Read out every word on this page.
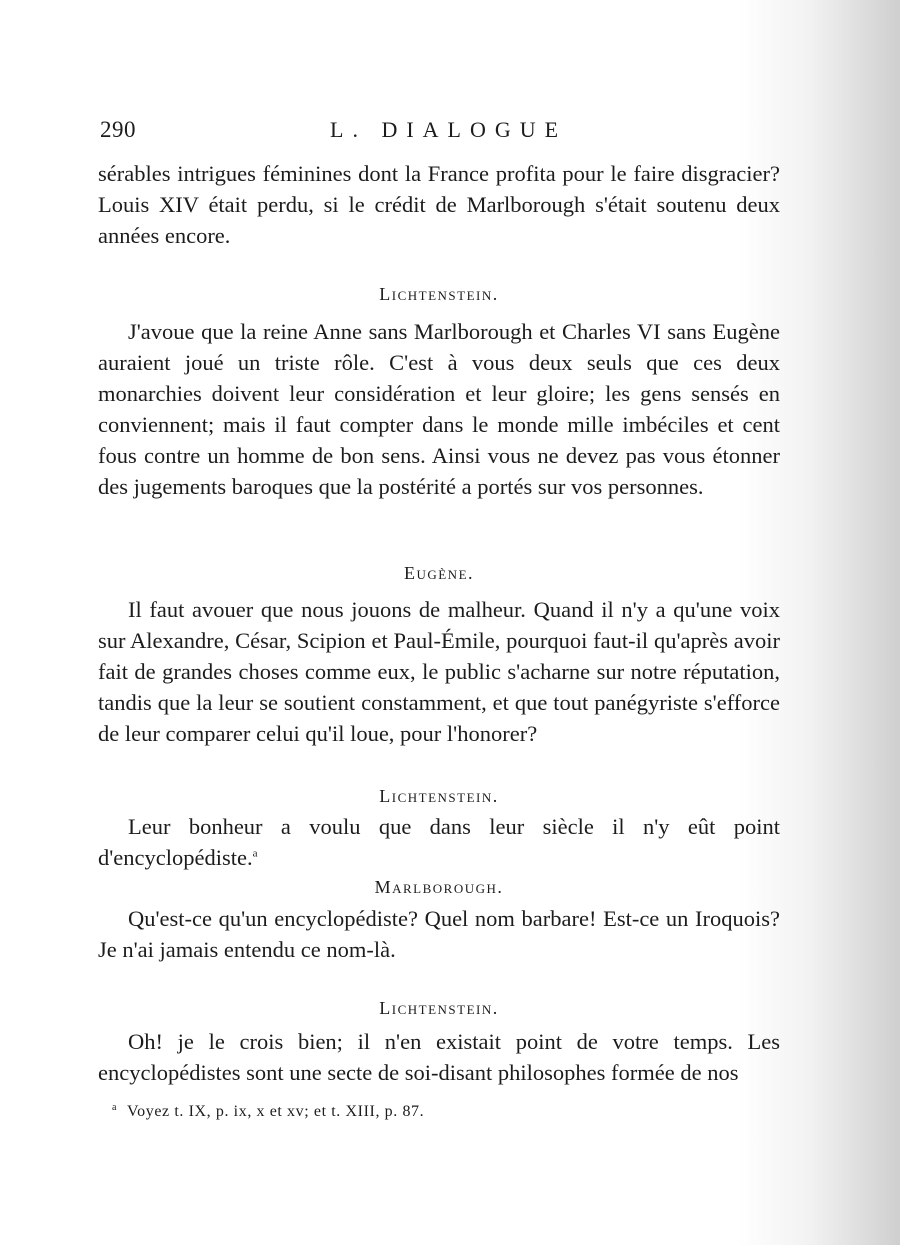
290	L. DIALOGUE

sérables intrigues féminines dont la France profita pour le faire disgracier? Louis XIV était perdu, si le crédit de Marlborough s'était soutenu deux années encore.

Lichtenstein.

J'avoue que la reine Anne sans Marlborough et Charles VI sans Eugène auraient joué un triste rôle. C'est à vous deux seuls que ces deux monarchies doivent leur considération et leur gloire; les gens sensés en conviennent; mais il faut compter dans le monde mille imbéciles et cent fous contre un homme de bon sens. Ainsi vous ne devez pas vous étonner des jugements baroques que la postérité a portés sur vos personnes.

Eugène.

Il faut avouer que nous jouons de malheur. Quand il n'y a qu'une voix sur Alexandre, César, Scipion et Paul-Émile, pourquoi faut-il qu'après avoir fait de grandes choses comme eux, le public s'acharne sur notre réputation, tandis que la leur se soutient constamment, et que tout panégyriste s'efforce de leur comparer celui qu'il loue, pour l'honorer?

Lichtenstein.

Leur bonheur a voulu que dans leur siècle il n'y eût point d'encyclopédiste.$^a$

Marlborough.

Qu'est-ce qu'un encyclopédiste? Quel nom barbare! Est-ce un Iroquois? Je n'ai jamais entendu ce nom-là.

Lichtenstein.

Oh! je le crois bien; il n'en existait point de votre temps. Les encyclopédistes sont une secte de soi-disant philosophes formée de nos

$^a$ Voyez t. IX, p. ix, x et xv; et t. XIII, p. 87.
